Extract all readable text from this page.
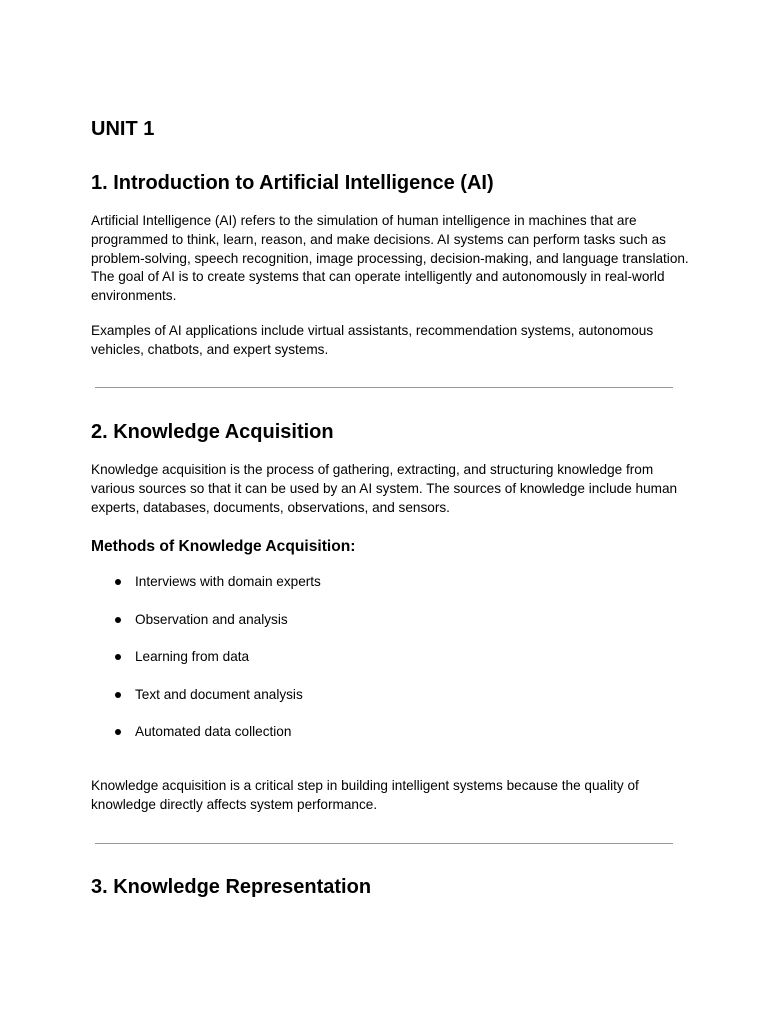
UNIT 1
1. Introduction to Artificial Intelligence (AI)

Artificial Intelligence (AI) refers to the simulation of human intelligence in machines that are programmed to think, learn, reason, and make decisions. AI systems can perform tasks such as problem-solving, speech recognition, image processing, decision-making, and language translation. The goal of AI is to create systems that can operate intelligently and autonomously in real-world environments.

Examples of AI applications include virtual assistants, recommendation systems, autonomous vehicles, chatbots, and expert systems.

2. Knowledge Acquisition

Knowledge acquisition is the process of gathering, extracting, and structuring knowledge from various sources so that it can be used by an AI system. The sources of knowledge include human experts, databases, documents, observations, and sensors.

Methods of Knowledge Acquisition:
Interviews with domain experts
Observation and analysis
Learning from data
Text and document analysis
Automated data collection

Knowledge acquisition is a critical step in building intelligent systems because the quality of knowledge directly affects system performance.

3. Knowledge Representation
